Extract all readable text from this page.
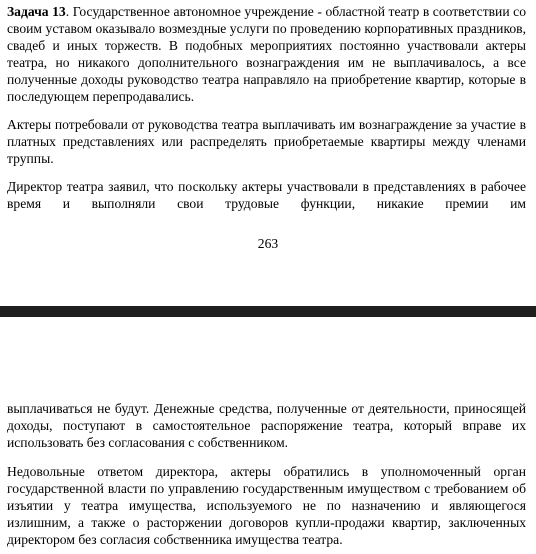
Задача 13. Государственное автономное учреждение - областной театр в соответствии со своим уставом оказывало возмездные услуги по проведению корпоративных праздников, свадеб и иных торжеств. В подобных мероприятиях постоянно участвовали актеры театра, но никакого дополнительного вознаграждения им не выплачивалось, а все полученные доходы руководство театра направляло на приобретение квартир, которые в последующем перепродавались.

Актеры потребовали от руководства театра выплачивать им вознаграждение за участие в платных представлениях или распределять приобретаемые квартиры между членами труппы.

Директор театра заявил, что поскольку актеры участвовали в представлениях в рабочее время и выполняли свои трудовые функции, никакие премии им

263

выплачиваться не будут. Денежные средства, полученные от деятельности, приносящей доходы, поступают в самостоятельное распоряжение театра, который вправе их использовать без согласования с собственником.

Недовольные ответом директора, актеры обратились в уполномоченный орган государственной власти по управлению государственным имуществом с требованием об изъятии у театра имущества, используемого не по назначению и являющегося излишним, а также о расторжении договоров купли-продажи квартир, заключенных директором без согласия собственника имущества театра.
